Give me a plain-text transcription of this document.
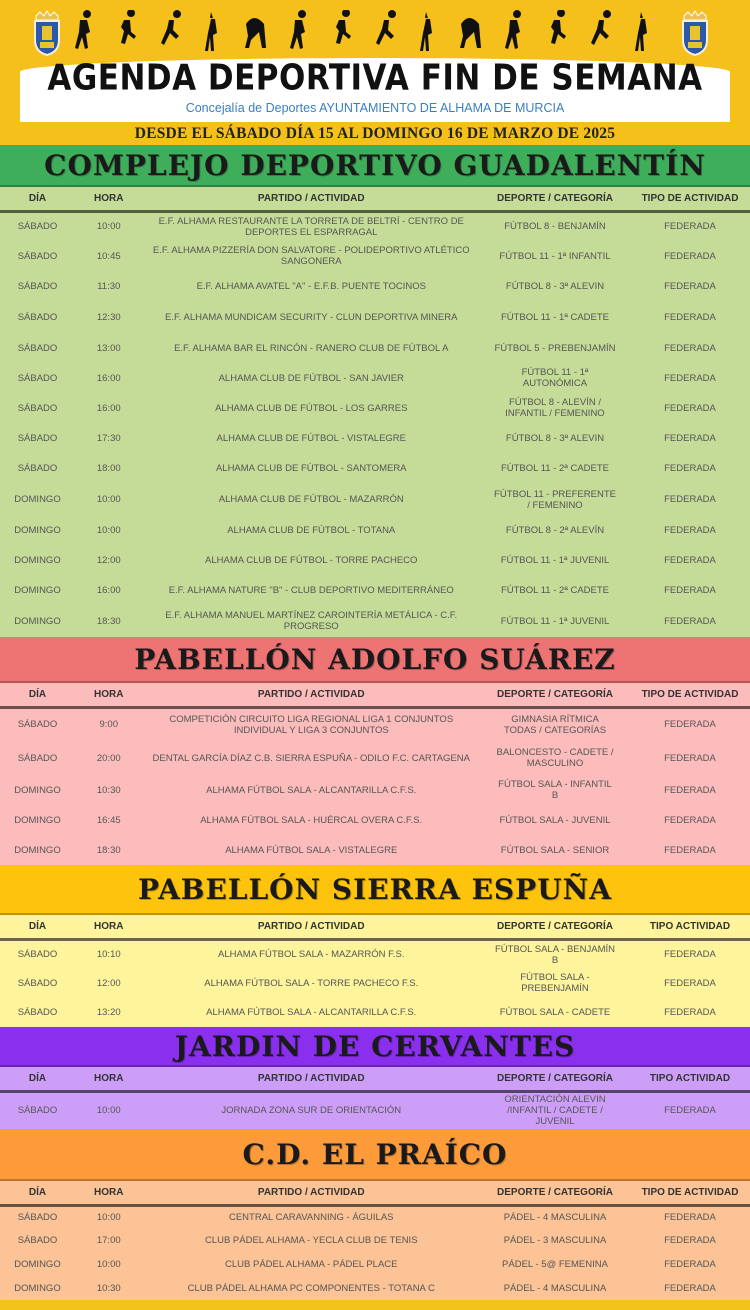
AGENDA DEPORTIVA FIN DE SEMANA
Concejalía de Deportes AYUNTAMIENTO DE ALHAMA DE MURCIA
DESDE EL SÁBADO DÍA 15 AL DOMINGO 16 DE MARZO DE 2025
COMPLEJO DEPORTIVO GUADALENTÍN
DÍA	HORA	PARTIDO / ACTIVIDAD	DEPORTE / CATEGORÍA	TIPO DE ACTIVIDAD
SÁBADO	10:00	E.F. ALHAMA RESTAURANTE LA TORRETA DE BELTRÍ - CENTRO DE DEPORTES EL ESPARRAGAL	FÚTBOL 8 - BENJAMÍN	FEDERADA
SÁBADO	10:45	E.F. ALHAMA PIZZERÍA DON SALVATORE - POLIDEPORTIVO ATLÉTICO SANGONERA	FÚTBOL 11 - 1ª INFANTIL	FEDERADA
SÁBADO	11:30	E.F. ALHAMA AVATEL "A" - E.F.B. PUENTE TOCINOS	FÚTBOL 8 - 3ª ALEVIN	FEDERADA
SÁBADO	12:30	E.F. ALHAMA MUNDICAM SECURITY - CLUN DEPORTIVA MINERA	FÚTBOL 11 - 1ª CADETE	FEDERADA
SÁBADO	13:00	E.F. ALHAMA BAR EL RINCÓN - RANERO CLUB DE FÚTBOL A	FÚTBOL 5 - PREBENJAMÍN	FEDERADA
SÁBADO	16:00	ALHAMA CLUB DE FÚTBOL - SAN JAVIER	FÚTBOL 11 - 1ª AUTONÓMICA	FEDERADA
SÁBADO	16:00	ALHAMA CLUB DE FÚTBOL - LOS GARRES	FÚTBOL 8 - ALEVÍN / INFANTIL / FEMENINO	FEDERADA
SÁBADO	17:30	ALHAMA CLUB DE FÚTBOL - VISTALEGRE	FÚTBOL 8 - 3ª ALEVIN	FEDERADA
SÁBADO	18:00	ALHAMA CLUB DE FÚTBOL - SANTOMERA	FÚTBOL 11 - 2ª CADETE	FEDERADA
DOMINGO	10:00	ALHAMA CLUB DE FÚTBOL - MAZARRÓN	FÚTBOL 11 - PREFERENTE / FEMENINO	FEDERADA
DOMINGO	10:00	ALHAMA CLUB DE FÚTBOL - TOTANA	FÚTBOL 8 - 2ª ALEVÍN	FEDERADA
DOMINGO	12:00	ALHAMA CLUB DE FÚTBOL - TORRE PACHECO	FÚTBOL 11 - 1ª JUVENIL	FEDERADA
DOMINGO	16:00	E.F. ALHAMA NATURE "B" - CLUB DEPORTIVO MEDITERRÁNEO	FÚTBOL 11 - 2ª CADETE	FEDERADA
DOMINGO	18:30	E.F. ALHAMA MANUEL MARTÍNEZ CAROINTERÍA METÁLICA - C.F. PROGRESO	FÚTBOL 11 - 1ª JUVENIL	FEDERADA
PABELLÓN ADOLFO SUÁREZ
DÍA	HORA	PARTIDO / ACTIVIDAD	DEPORTE / CATEGORÍA	TIPO DE ACTIVIDAD
SÁBADO	9:00	COMPETICIÓN CIRCUITO LIGA REGIONAL LIGA 1 CONJUNTOS INDIVIDUAL Y LIGA 3 CONJUNTOS	GIMNASIA RÍTMICA TODAS / CATEGORÍAS	FEDERADA
SÁBADO	20:00	DENTAL GARCÍA DÍAZ C.B. SIERRA ESPUÑA - ODILO F.C. CARTAGENA	BALONCESTO - CADETE / MASCULINO	FEDERADA
DOMINGO	10:30	ALHAMA FÚTBOL SALA - ALCANTARILLA C.F.S.	FÚTBOL SALA - INFANTIL B	FEDERADA
DOMINGO	16:45	ALHAMA FÚTBOL SALA - HUÉRCAL OVERA C.F.S.	FÚTBOL SALA - JUVENIL	FEDERADA
DOMINGO	18:30	ALHAMA FÚTBOL SALA - VISTALEGRE	FÚTBOL SALA - SENIOR	FEDERADA
PABELLÓN SIERRA ESPUÑA
DÍA	HORA	PARTIDO / ACTIVIDAD	DEPORTE / CATEGORÍA	TIPO ACTIVIDAD
SÁBADO	10:10	ALHAMA FÚTBOL SALA - MAZARRÓN F.S.	FÚTBOL SALA - BENJAMÍN B	FEDERADA
SÁBADO	12:00	ALHAMA FÚTBOL SALA - TORRE PACHECO F.S.	FÚTBOL SALA - PREBENJAMÍN	FEDERADA
SÁBADO	13:20	ALHAMA FÚTBOL SALA - ALCANTARILLA C.F.S.	FÚTBOL SALA - CADETE	FEDERADA
JARDIN DE CERVANTES
DÍA	HORA	PARTIDO / ACTIVIDAD	DEPORTE / CATEGORÍA	TIPO ACTIVIDAD
SÁBADO	10:00	JORNADA ZONA SUR DE ORIENTACIÓN	ORIENTACIÓN ALEVIN /INFANTIL / CADETE / JUVENIL	FEDERADA
C.D. EL PRAÍCO
DÍA	HORA	PARTIDO / ACTIVIDAD	DEPORTE / CATEGORÍA	TIPO DE ACTIVIDAD
SÁBADO	10:00	CENTRAL CARAVANNING - ÁGUILAS	PÁDEL - 4 MASCULINA	FEDERADA
SÁBADO	17:00	CLUB PÁDEL ALHAMA - YECLA CLUB DE TENIS	PÁDEL - 3 MASCULINA	FEDERADA
DOMINGO	10:00	CLUB PÁDEL ALHAMA - PÁDEL PLACE	PÁDEL - 5@ FEMENINA	FEDERADA
DOMINGO	10:30	CLUB PÁDEL ALHAMA PC COMPONENTES - TOTANA C	PÁDEL - 4 MASCULINA	FEDERADA
